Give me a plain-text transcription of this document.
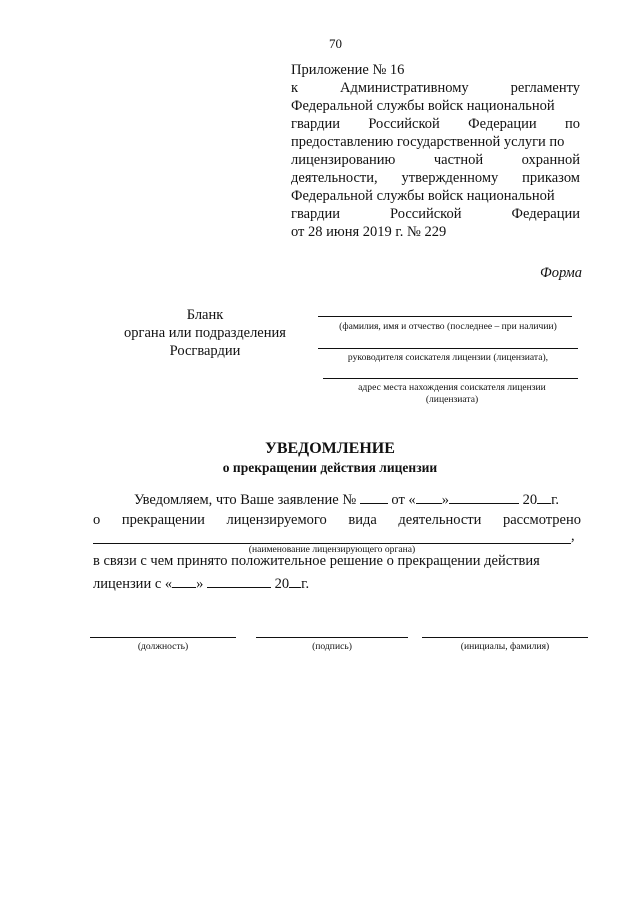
70
Приложение № 16
к	Административному	регламенту
Федеральной службы войск национальной
гвардии Российской Федерации по
предоставлению государственной услуги по
лицензированию	частной	охранной
деятельности, утвержденному приказом
Федеральной службы войск национальной
гвардии	Российской	Федерации
от 28 июня 2019 г. № 229
Форма
Бланк
органа или подразделения
Росгвардии
(фамилия, имя и отчество (последнее – при наличии)
руководителя соискателя лицензии (лицензиата),
адрес места нахождения соискателя лицензии
(лицензиата)
УВЕДОМЛЕНИЕ
о прекращении действия лицензии
Уведомляем, что Ваше заявление № от « »	20 г.
о прекращении лицензируемого вида деятельности рассмотрено
,
(наименование лицензирующего органа)
в связи с чем принято положительное решение о прекращении действия
лицензии с « »	20 г.
(должность)	(подпись)	(инициалы, фамилия)
